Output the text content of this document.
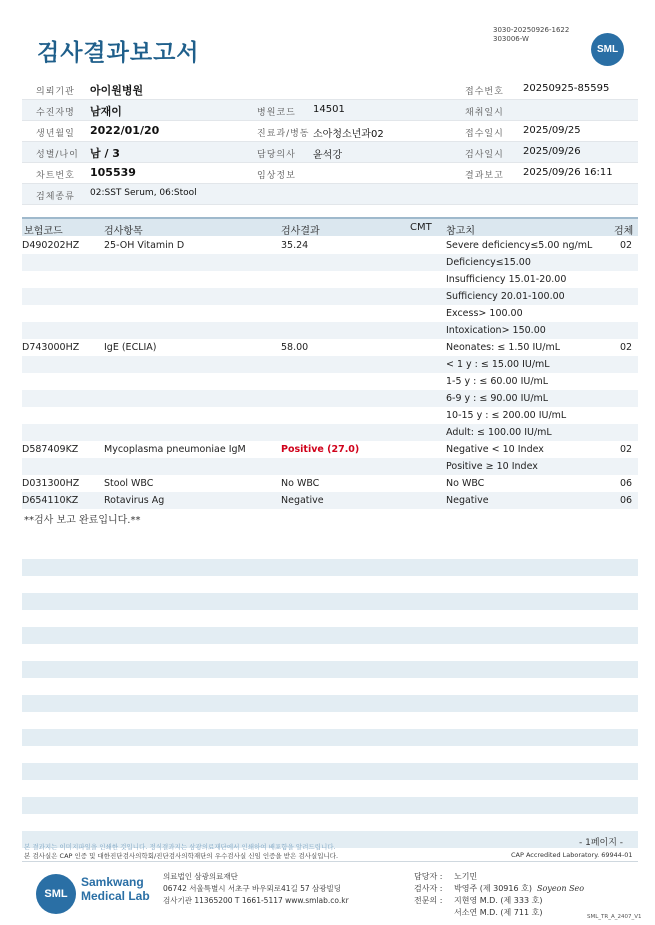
검사결과보고서
3030-20250926-1622
303006-W
SML
의뢰기관 아이원병원	접수번호 20250925-85595
수진자명 남재이	병원코드 14501	채취일시
생년월일 2022/01/20	진료과/병동 소아청소년과02	접수일시 2025/09/25
성별/나이 남 / 3	담당의사 윤석강	검사일시 2025/09/26
차트번호 105539	임상정보	결과보고 2025/09/26 16:11
검체종류 02:SST Serum, 06:Stool
보험코드	검사항목	검사결과	CMT 참고치	검체
D490202HZ	25-OH Vitamin D	35.24	Severe deficiency≤5.00 ng/mL	02
Deficiency≤15.00
Insufficiency 15.01-20.00
Sufficiency 20.01-100.00
Excess> 100.00
Intoxication> 150.00
D743000HZ	IgE (ECLIA)	58.00	Neonates: ≤ 1.50 IU/mL	02
< 1 y : ≤ 15.00 IU/mL
1-5 y : ≤ 60.00 IU/mL
6-9 y : ≤ 90.00 IU/mL
10-15 y : ≤ 200.00 IU/mL
Adult: ≤ 100.00 IU/mL
D587409KZ	Mycoplasma pneumoniae IgM	Positive (27.0)	Negative < 10 Index	02
Positive ≥ 10 Index
D031300HZ	Stool WBC	No WBC	No WBC	06
D654110KZ	Rotavirus Ag	Negative	Negative	06
**검사 보고 완료입니다.**
본 결과지는 이미지파일을 인쇄한 것입니다. 정식결과지는 삼광의료재단에서 인쇄하여 배포함을 알려드립니다.
본 검사실은 CAP 인증 및 대한진단검사의학회/진단검사의학재단의 우수검사실 신임 인증을 받은 검사실입니다.
- 1페이지 -
CAP Accredited Laboratory. 69944-01
SML
Samkwang
Medical Lab
의료법인 삼광의료재단
06742 서울특별시 서초구 바우뫼로41길 57 삼광빌딩
검사기관 11365200 T 1661-5117 www.smlab.co.kr
담당자 : 노기민
검사자 : 박영주 (제 30916 호)
전문의 : 지현영 M.D. (제 333 호)
서소연 M.D. (제 711 호)
Soyeon Seo
SML_TR_A_2407_V1
